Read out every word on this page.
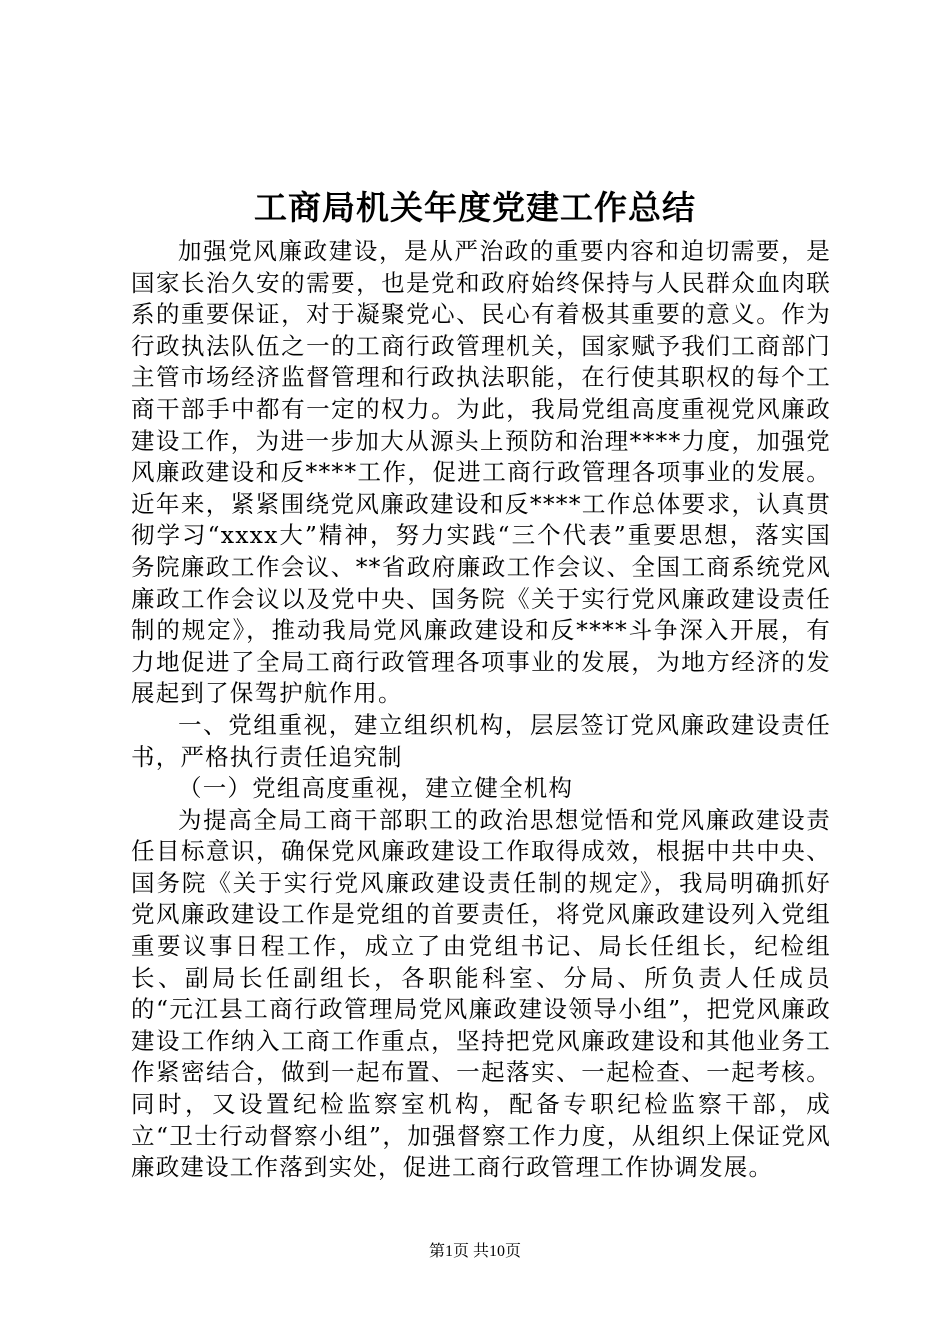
工商局机关年度党建工作总结

加强党风廉政建设，是从严治政的重要内容和迫切需要，是国家长治久安的需要，也是党和政府始终保持与人民群众血肉联系的重要保证，对于凝聚党心、民心有着极其重要的意义。作为行政执法队伍之一的工商行政管理机关，国家赋予我们工商部门主管市场经济监督管理和行政执法职能，在行使其职权的每个工商干部手中都有一定的权力。为此，我局党组高度重视党风廉政建设工作，为进一步加大从源头上预防和治理****力度，加强党风廉政建设和反****工作，促进工商行政管理各项事业的发展。近年来，紧紧围绕党风廉政建设和反****工作总体要求，认真贯彻学习“xxxx大”精神，努力实践“三个代表”重要思想，落实国务院廉政工作会议、**省政府廉政工作会议、全国工商系统党风廉政工作会议以及党中央、国务院《关于实行党风廉政建设责任制的规定》，推动我局党风廉政建设和反****斗争深入开展，有力地促进了全局工商行政管理各项事业的发展，为地方经济的发展起到了保驾护航作用。

一、党组重视，建立组织机构，层层签订党风廉政建设责任书，严格执行责任追究制

（一）党组高度重视，建立健全机构

为提高全局工商干部职工的政治思想觉悟和党风廉政建设责任目标意识，确保党风廉政建设工作取得成效，根据中共中央、国务院《关于实行党风廉政建设责任制的规定》，我局明确抓好党风廉政建设工作是党组的首要责任，将党风廉政建设列入党组重要议事日程工作，成立了由党组书记、局长任组长，纪检组长、副局长任副组长，各职能科室、分局、所负责人任成员的“元江县工商行政管理局党风廉政建设领导小组”，把党风廉政建设工作纳入工商工作重点，坚持把党风廉政建设和其他业务工作紧密结合，做到一起布置、一起落实、一起检查、一起考核。同时，又设置纪检监察室机构，配备专职纪检监察干部，成立“卫士行动督察小组”，加强督察工作力度，从组织上保证党风廉政建设工作落到实处，促进工商行政管理工作协调发展。

第1页 共10页
